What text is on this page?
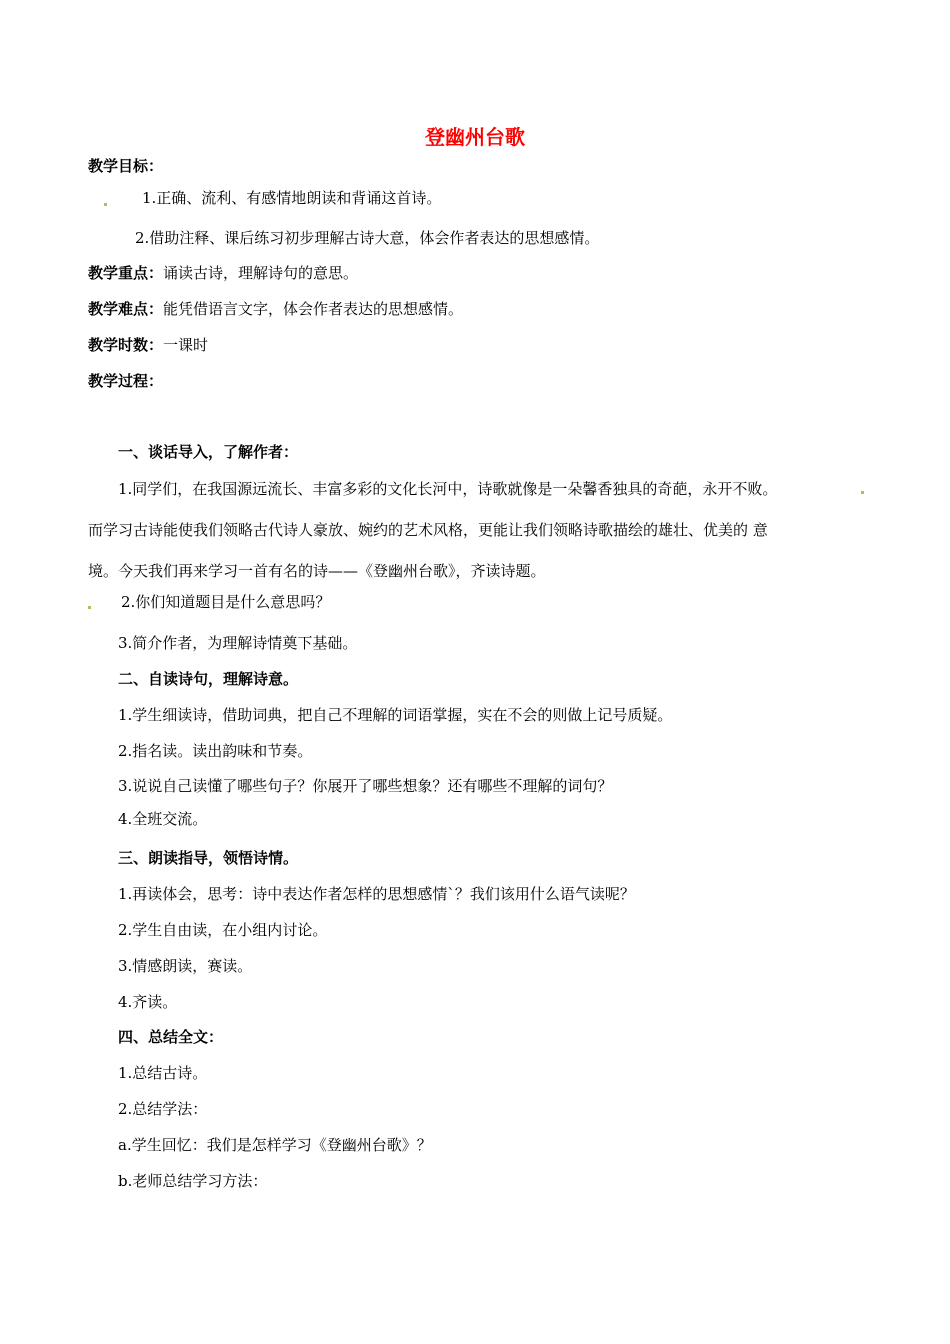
登幽州台歌
教学目标：
1.正确、流利、有感情地朗读和背诵这首诗。
2.借助注释、课后练习初步理解古诗大意，体会作者表达的思想感情。
教学重点：诵读古诗，理解诗句的意思。
教学难点：能凭借语言文字，体会作者表达的思想感情。
教学时数：一课时
教学过程：
一、谈话导入，了解作者：
1.同学们，在我国源远流长、丰富多彩的文化长河中，诗歌就像是一朵馨香独具的奇葩，永开不败。
而学习古诗能使我们领略古代诗人豪放、婉约的艺术风格，更能让我们领略诗歌描绘的雄壮、优美的 意
境。今天我们再来学习一首有名的诗——《登幽州台歌》，齐读诗题。
2.你们知道题目是什么意思吗？
3.简介作者，为理解诗情奠下基础。
二、自读诗句，理解诗意。
1.学生细读诗，借助词典，把自己不理解的词语掌握，实在不会的则做上记号质疑。
2.指名读。读出韵味和节奏。
3.说说自己读懂了哪些句子？你展开了哪些想象？还有哪些不理解的词句？
4.全班交流。
三、朗读指导，领悟诗情。
1.再读体会，思考：诗中表达作者怎样的思想感情`？我们该用什么语气读呢？
2.学生自由读，在小组内讨论。
3.情感朗读，赛读。
4.齐读。
四、总结全文：
1.总结古诗。
2.总结学法：
a.学生回忆：我们是怎样学习《登幽州台歌》？
b.老师总结学习方法：
